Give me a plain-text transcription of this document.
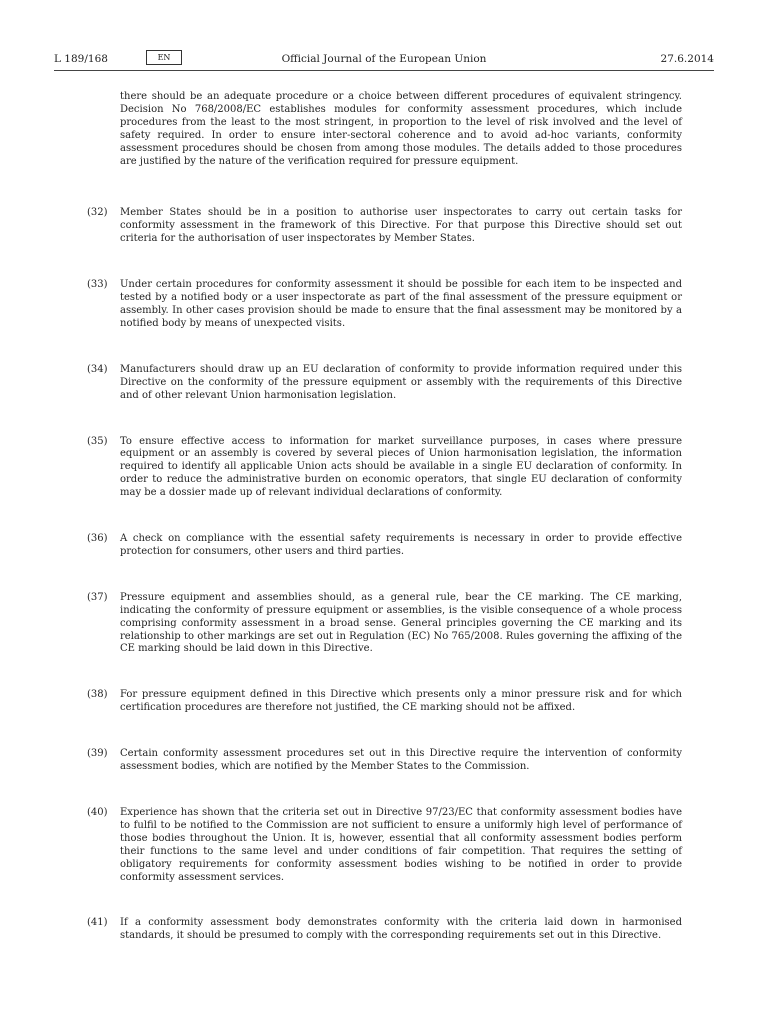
L 189/168	EN	Official Journal of the European Union	27.6.2014

there should be an adequate procedure or a choice between different procedures of equivalent stringency. Decision No 768/2008/EC establishes modules for conformity assessment procedures, which include procedures from the least to the most stringent, in proportion to the level of risk involved and the level of safety required. In order to ensure inter-sectoral coherence and to avoid ad-hoc variants, conformity assessment procedures should be chosen from among those modules. The details added to those procedures are justified by the nature of the verification required for pressure equipment.

(32) Member States should be in a position to authorise user inspectorates to carry out certain tasks for conformity assessment in the framework of this Directive. For that purpose this Directive should set out criteria for the authorisation of user inspectorates by Member States.

(33) Under certain procedures for conformity assessment it should be possible for each item to be inspected and tested by a notified body or a user inspectorate as part of the final assessment of the pressure equipment or assembly. In other cases provision should be made to ensure that the final assessment may be monitored by a notified body by means of unexpected visits.

(34) Manufacturers should draw up an EU declaration of conformity to provide information required under this Directive on the conformity of the pressure equipment or assembly with the requirements of this Directive and of other relevant Union harmonisation legislation.

(35) To ensure effective access to information for market surveillance purposes, in cases where pressure equipment or an assembly is covered by several pieces of Union harmonisation legislation, the information required to identify all applicable Union acts should be available in a single EU declaration of conformity. In order to reduce the administrative burden on economic operators, that single EU declaration of conformity may be a dossier made up of relevant individual declarations of conformity.

(36) A check on compliance with the essential safety requirements is necessary in order to provide effective protection for consumers, other users and third parties.

(37) Pressure equipment and assemblies should, as a general rule, bear the CE marking. The CE marking, indicating the conformity of pressure equipment or assemblies, is the visible consequence of a whole process comprising conformity assessment in a broad sense. General principles governing the CE marking and its relationship to other markings are set out in Regulation (EC) No 765/2008. Rules governing the affixing of the CE marking should be laid down in this Directive.

(38) For pressure equipment defined in this Directive which presents only a minor pressure risk and for which certification procedures are therefore not justified, the CE marking should not be affixed.

(39) Certain conformity assessment procedures set out in this Directive require the intervention of conformity assessment bodies, which are notified by the Member States to the Commission.

(40) Experience has shown that the criteria set out in Directive 97/23/EC that conformity assessment bodies have to fulfil to be notified to the Commission are not sufficient to ensure a uniformly high level of performance of those bodies throughout the Union. It is, however, essential that all conformity assessment bodies perform their functions to the same level and under conditions of fair competition. That requires the setting of obligatory requirements for conformity assessment bodies wishing to be notified in order to provide conformity assessment services.

(41) If a conformity assessment body demonstrates conformity with the criteria laid down in harmonised standards, it should be presumed to comply with the corresponding requirements set out in this Directive.
